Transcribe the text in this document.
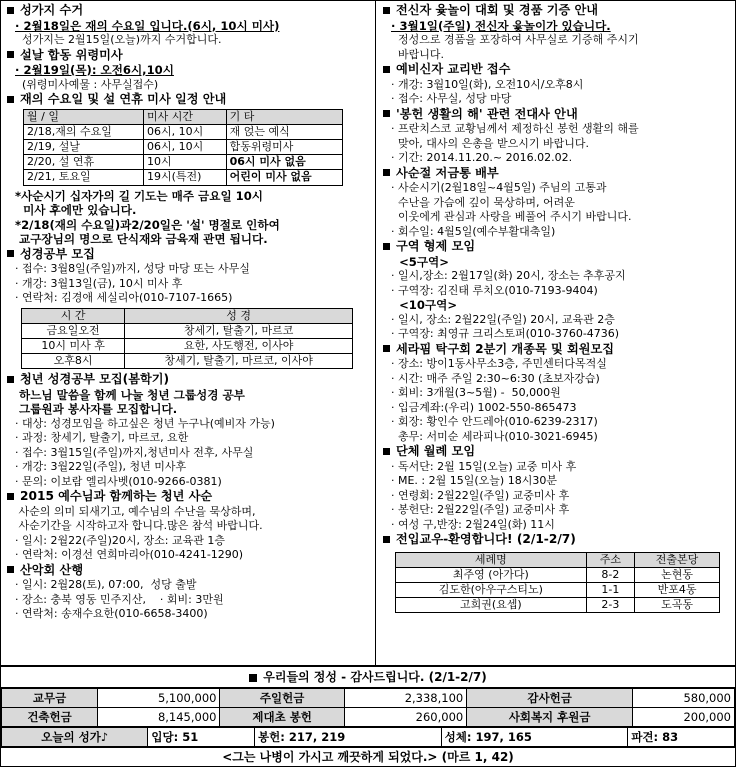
성가지 수거
· 2월18일은 재의 수요일 입니다.(6시, 10시 미사)
성가지는 2월15일(오늘)까지 수거합니다.
설날 합동 위령미사
· 2월19일(목): 오전6시,10시
(위령미사예물 : 사무실접수)
재의 수요일 및 설 연휴 미사 일정 안내
월 / 일	미사 시간	기 타
2/18,재의 수요일	06시, 10시	재 얹는 예식
2/19, 설날	06시, 10시	합동위령미사
2/20, 설 연휴	10시	06시 미사 없음
2/21, 토요일	19시(특전)	어린이 미사 없음
*사순시기 십자가의 길 기도는 매주 금요일 10시
미사 후에만 있습니다.
*2/18(재의 수요일)과2/20일은 '설' 명절로 인하여
교구장님의 명으로 단식재와 금육재 관면 됩니다.
성경공부 모집
· 접수: 3월8일(주일)까지, 성당 마당 또는 사무실
· 개강: 3월13일(금), 10시 미사 후
· 연락처: 김경애 세실리아(010-7107-1665)
시 간	성 경
금요일오전	창세기, 탈출기, 마르코
10시 미사 후	요한, 사도행전, 이사야
오후8시	창세기, 탈출기, 마르코, 이사야
청년 성경공부 모집(봄학기)
하느님 말씀을 함께 나눌 청년 그룹성경 공부
그룹원과 봉사자를 모집합니다.
· 대상: 성경모임을 하고싶은 청년 누구나(예비자 가능)
· 과정: 창세기, 탈출기, 마르코, 요한
· 접수: 3월15일(주일)까지,청년미사 전후, 사무실
· 개강: 3월22일(주일), 청년 미사후
· 문의: 이보람 엘리사벳(010-9266-0381)
2015 예수님과 함께하는 청년 사순
사순의 의미 되새기고, 예수님의 수난을 묵상하며,
사순기간을 시작하고자 합니다.많은 참석 바랍니다.
· 일시: 2월22(주일)20시, 장소: 교육관 1층
· 연락처: 이경선 연희마리아(010-4241-1290)
산악회 산행
· 일시: 2월28(토), 07:00,  성당 출발
· 장소: 충북 영동 민주지산,    · 회비: 3만원
· 연락처: 송재수요한(010-6658-3400)
전신자 윷놀이 대회 및 경품 기증 안내
· 3월1일(주일) 전신자 윷놀이가 있습니다.
정성으로 경품을 포장하여 사무실로 기증해 주시기
바랍니다.
예비신자 교리반 접수
· 개강: 3월10일(화), 오전10시/오후8시
· 접수: 사무실, 성당 마당
'봉헌 생활의 해' 관련 전대사 안내
· 프란치스코 교황님께서 제정하신 봉헌 생활의 해를
맞아, 대사의 은총을 받으시기 바랍니다.
· 기간: 2014.11.20.~ 2016.02.02.
사순절 저금통 배부
· 사순시기(2월18일~4월5일) 주님의 고통과
수난을 가슴에 깊이 묵상하며, 어려운
이웃에게 관심과 사랑을 베풀어 주시기 바랍니다.
· 회수일: 4월5일(예수부활대축일)
구역 형제 모임
<5구역>
· 일시,장소: 2월17일(화) 20시, 장소는 추후공지
· 구역장: 김진태 루치오(010-7193-9404)
<10구역>
· 일시, 장소: 2월22일(주일) 20시, 교육관 2층
· 구역장: 최영규 크리스토퍼(010-3760-4736)
세라핌 탁구회 2분기 개종목 및 회원모집
· 장소: 방이1동사무소3층, 주민센터다목적실
· 시간: 매주 주일 2:30~6:30 (초보자강습)
· 회비: 3개월(3~5월) -  50,000원
· 입금계좌:(우리) 1002-550-865473
· 회장: 황인수 안드레아(010-6239-2317)
총무: 서미순 세라피나(010-3021-6945)
단체 월례 모임
· 독서단: 2월 15일(오늘) 교중 미사 후
· ME. : 2월 15일(오늘) 18시30분
· 연령회: 2월22일(주일) 교중미사 후
· 봉헌단: 2월22일(주일) 교중미사 후
· 여성 구,반장: 2월24일(화) 11시
전입교우-환영합니다! (2/1-2/7)
세례명	주소	전출본당
최주영 (아가다)	8-2	논현동
김도한(아우구스티노)	1-1	반포4동
고희권(요셉)	2-3	도곡동
우리들의 정성 - 감사드립니다. (2/1-2/7)
교무금	5,100,000	주일헌금	2,338,100	감사헌금	580,000
건축헌금	8,145,000	제대초 봉헌	260,000	사회복지 후원금	200,000
오늘의 성가♪	입당: 51	봉헌: 217, 219	성체: 197, 165	파견: 83
<그는 나병이 가시고 깨끗하게 되었다.> (마르 1, 42)
